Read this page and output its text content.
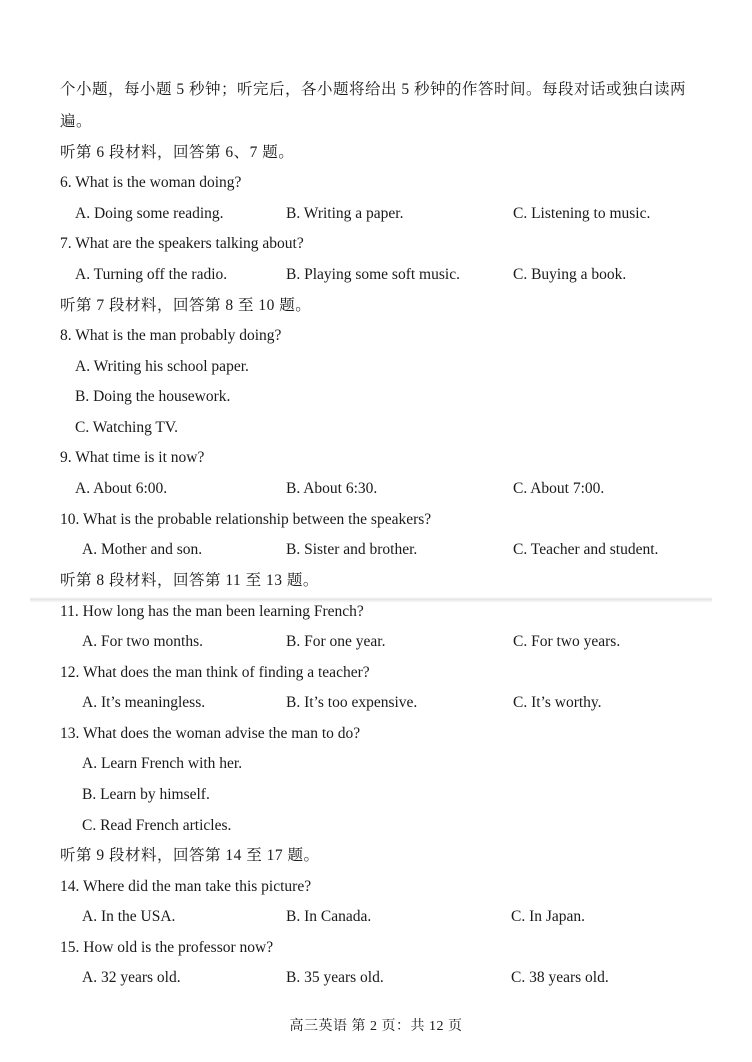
个小题，每小题 5 秒钟；听完后，各小题将给出 5 秒钟的作答时间。每段对话或独白读两
遍。
听第 6 段材料，回答第 6、7 题。
6. What is the woman doing?
A. Doing some reading.	B. Writing a paper.	C. Listening to music.
7. What are the speakers talking about?
A. Turning off the radio.	B. Playing some soft music.	C. Buying a book.
听第 7 段材料，回答第 8 至 10 题。
8. What is the man probably doing?
A. Writing his school paper.
B. Doing the housework.
C. Watching TV.
9. What time is it now?
A. About 6:00.	B. About 6:30.	C. About 7:00.
10. What is the probable relationship between the speakers?
A. Mother and son.	B. Sister and brother.	C. Teacher and student.
听第 8 段材料，回答第 11 至 13 题。
11. How long has the man been learning French?
A. For two months.	B. For one year.	C. For two years.
12. What does the man think of finding a teacher?
A. It’s meaningless.	B. It’s too expensive.	C. It’s worthy.
13. What does the woman advise the man to do?
A. Learn French with her.
B. Learn by himself.
C. Read French articles.
听第 9 段材料，回答第 14 至 17 题。
14. Where did the man take this picture?
A. In the USA.	B. In Canada.	C. In Japan.
15. How old is the professor now?
A. 32 years old.	B. 35 years old.	C. 38 years old.
高三英语 第 2 页：共 12 页
